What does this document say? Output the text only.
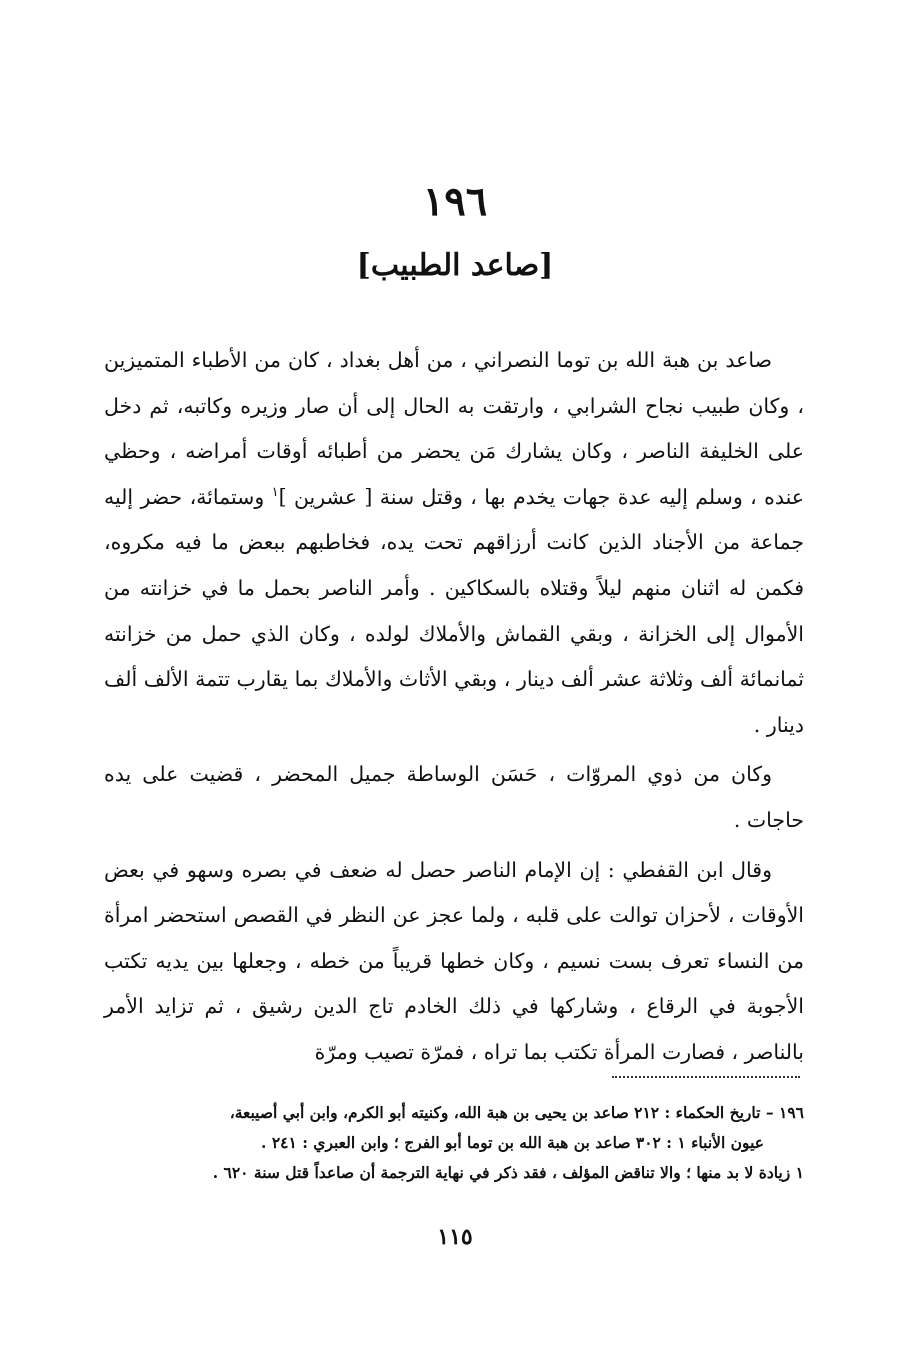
١٩٦
[صاعد الطبيب]

صاعد بن هبة الله بن توما النصراني ، من أهل بغداد ، كان من الأطباء المتميزين ، وكان طبيب نجاح الشرابي ، وارتقت به الحال إلى أن صار وزيره وكاتبه، ثم دخل على الخليفة الناصر ، وكان يشارك مَن يحضر من أطبائه أوقات أمراضه ، وحظي عنده ، وسلم إليه عدة جهات يخدم بها ، وقتل سنة [ عشرين ]$^١$ وستمائة، حضر إليه جماعة من الأجناد الذين كانت أرزاقهم تحت يده، فخاطبهم ببعض ما فيه مكروه، فكمن له اثنان منهم ليلاً وقتلاه بالسكاكين . وأمر الناصر بحمل ما في خزانته من الأموال إلى الخزانة ، وبقي القماش والأملاك لولده ، وكان الذي حمل من خزانته ثمانمائة ألف وثلاثة عشر ألف دينار ، وبقي الأثاث والأملاك بما يقارب تتمة الألف ألف دينار .

وكان من ذوي المروّات ، حَسَن الوساطة جميل المحضر ، قضيت على يده حاجات .

وقال ابن القفطي : إن الإمام الناصر حصل له ضعف في بصره وسهو في بعض الأوقات ، لأحزان توالت على قلبه ، ولما عجز عن النظر في القصص استحضر امرأة من النساء تعرف بست نسيم ، وكان خطها قريباً من خطه ، وجعلها بين يديه تكتب الأجوبة في الرقاع ، وشاركها في ذلك الخادم تاج الدين رشيق ، ثم تزايد الأمر بالناصر ، فصارت المرأة تكتب بما تراه ، فمرّة تصيب ومرّة

١٩٦ – تاريخ الحكماء : ٢١٢ صاعد بن يحيى بن هبة الله، وكنيته أبو الكرم، وابن أبي أصيبعة،

عيون الأنباء ١ : ٣٠٢ صاعد بن هبة الله بن توما أبو الفرج ؛ وابن العبري : ٢٤١ .

١ زيادة لا بد منها ؛ والا تناقض المؤلف ، فقد ذكر في نهاية الترجمة أن صاعداً قتل سنة ٦٢٠ .

١١٥
